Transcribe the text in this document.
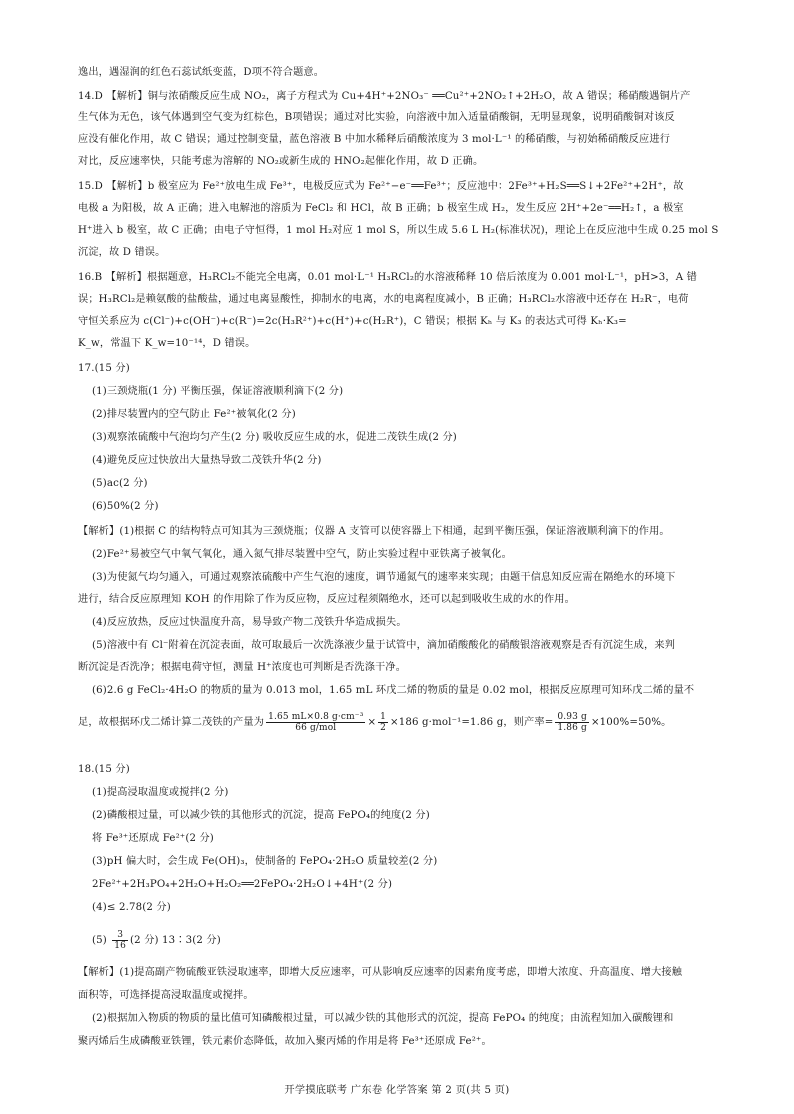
逸出，遇湿润的红色石蕊试纸变蓝，D项不符合题意。
14.D 【解析】铜与浓硝酸反应生成 NO₂，离子方程式为 Cu+4H⁺+2NO₃⁻ ══Cu²⁺+2NO₂↑+2H₂O，故 A 错误；稀硝酸遇铜片产
生气体为无色，该气体遇到空气变为红棕色，B项错误；通过对比实验，向溶液中加入适量硝酸铜，无明显现象，说明硝酸铜对该反
应没有催化作用，故 C 错误；通过控制变量，蓝色溶液 B 中加水稀释后硝酸浓度为 3 mol·L⁻¹ 的稀硝酸，与初始稀硝酸反应进行
对比，反应速率快，只能考虑为溶解的 NO₂或新生成的 HNO₂起催化作用，故 D 正确。
15.D 【解析】b 极室应为 Fe²⁺放电生成 Fe³⁺，电极反应式为 Fe²⁺−e⁻══Fe³⁺；反应池中：2Fe³⁺+H₂S══S↓+2Fe²⁺+2H⁺，故
电极 a 为阳极，故 A 正确；进入电解池的溶质为 FeCl₂ 和 HCl，故 B 正确；b 极室生成 H₂，发生反应 2H⁺+2e⁻══H₂↑，a 极室
H⁺进入 b 极室，故 C 正确；由电子守恒得，1 mol H₂对应 1 mol S，所以生成 5.6 L H₂(标准状况)，理论上在反应池中生成 0.25 mol S
沉淀，故 D 错误。
16.B 【解析】根据题意，H₃RCl₂不能完全电离，0.01 mol·L⁻¹ H₃RCl₂的水溶液稀释 10 倍后浓度为 0.001 mol·L⁻¹，pH>3，A 错
误；H₃RCl₂是赖氨酸的盐酸盐，通过电离显酸性，抑制水的电离，水的电离程度减小，B 正确；H₃RCl₂水溶液中还存在 H₂R⁻，电荷
守恒关系应为 c(Cl⁻)+c(OH⁻)+c(R⁻)=2c(H₃R²⁺)+c(H⁺)+c(H₂R⁺)，C 错误；根据 Kₕ 与 K₃ 的表达式可得 Kₕ·K₃=
K_w，常温下 K_w=10⁻¹⁴，D 错误。
17.(15 分)
(1)三颈烧瓶(1 分) 平衡压强，保证溶液顺利滴下(2 分)
(2)排尽装置内的空气防止 Fe²⁺被氧化(2 分)
(3)观察浓硫酸中气泡均匀产生(2 分) 吸收反应生成的水，促进二茂铁生成(2 分)
(4)避免反应过快放出大量热导致二茂铁升华(2 分)
(5)ac(2 分)
(6)50%(2 分)
【解析】(1)根据 C 的结构特点可知其为三颈烧瓶；仪器 A 支管可以使容器上下相通，起到平衡压强，保证溶液顺利滴下的作用。
(2)Fe²⁺易被空气中氧气氧化，通入氮气排尽装置中空气，防止实验过程中亚铁离子被氧化。
(3)为使氮气均匀通入，可通过观察浓硫酸中产生气泡的速度，调节通氮气的速率来实现；由题干信息知反应需在隔绝水的环境下
进行，结合反应原理知 KOH 的作用除了作为反应物，反应过程须隔绝水，还可以起到吸收生成的水的作用。
(4)反应放热，反应过快温度升高，易导致产物二茂铁升华造成损失。
(5)溶液中有 Cl⁻附着在沉淀表面，故可取最后一次洗涤液少量于试管中，滴加硝酸酸化的硝酸银溶液观察是否有沉淀生成，来判
断沉淀是否洗净；根据电荷守恒，测量 H⁺浓度也可判断是否洗涤干净。
(6)2.6 g FeCl₂·4H₂O 的物质的量为 0.013 mol，1.65 mL 环戊二烯的物质的量是 0.02 mol，根据反应原理可知环戊二烯的量不
足，故根据环戊二烯计算二茂铁的产量为 $\frac{\text{1.65 mL×0.8 g·cm⁻³}}{\text{66 g/mol}} \times \frac{1}{2} \times 186$ g·mol⁻¹=1.86 g，则产率= $\frac{0.93 g}{1.86 g} \times 100\%=50\%$。
18.(15 分)
(1)提高浸取温度或搅拌(2 分)
(2)磷酸根过量，可以减少铁的其他形式的沉淀，提高 FePO₄的纯度(2 分)
将 Fe³⁺还原成 Fe²⁺(2 分)
(3)pH 偏大时，会生成 Fe(OH)₃，使制备的 FePO₄·2H₂O 质量较差(2 分)
2Fe²⁺+2H₃PO₄+2H₂O+H₂O₂══2FePO₄·2H₂O↓+4H⁺(2 分)
(4)≤ 2.78(2 分)
$(5) \frac{3}{16} (2$ 分) 13∶3(2 分)
【解析】(1)提高副产物硫酸亚铁浸取速率，即增大反应速率，可从影响反应速率的因素角度考虑，即增大浓度、升高温度、增大接触
面积等，可选择提高浸取温度或搅拌。
(2)根据加入物质的物质的量比值可知磷酸根过量，可以减少铁的其他形式的沉淀，提高 FePO₄ 的纯度；由流程知加入碳酸锂和
聚丙烯后生成磷酸亚铁锂，铁元素价态降低，故加入聚丙烯的作用是将 Fe³⁺还原成 Fe²⁺。
开学摸底联考 广东卷 化学答案 第 2 页(共 5 页)
